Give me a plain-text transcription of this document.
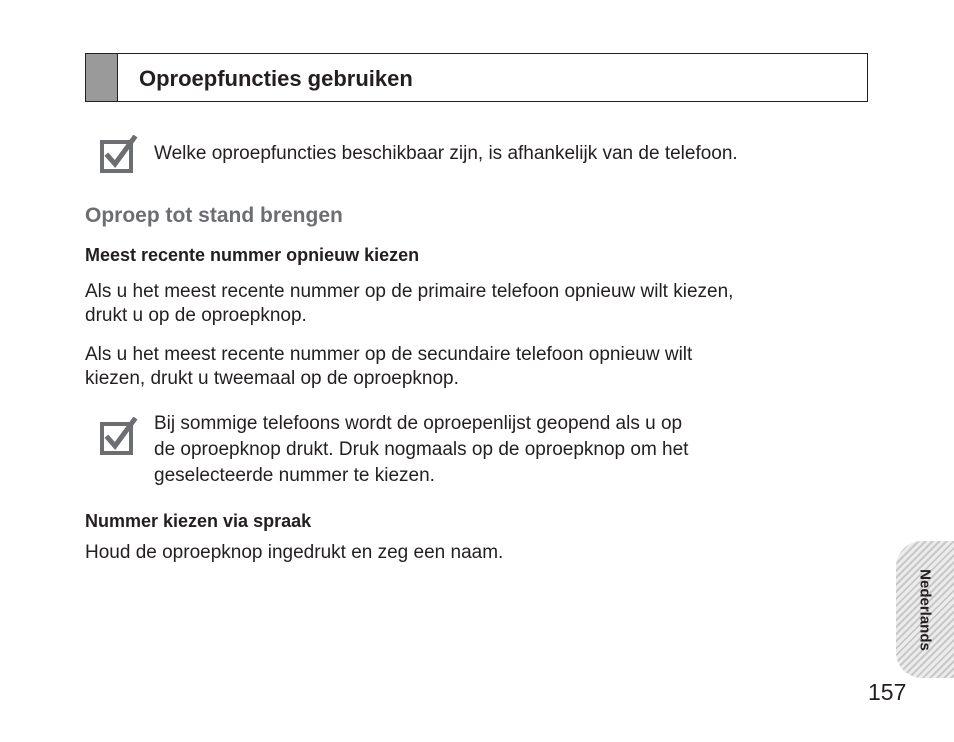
Oproepfuncties gebruiken
Welke oproepfuncties beschikbaar zijn, is afhankelijk van de telefoon.
Oproep tot stand brengen
Meest recente nummer opnieuw kiezen
Als u het meest recente nummer op de primaire telefoon opnieuw wilt kiezen,
drukt u op de oproepknop.
Als u het meest recente nummer op de secundaire telefoon opnieuw wilt
kiezen, drukt u tweemaal op de oproepknop.
Bij sommige telefoons wordt de oproepenlijst geopend als u op
de oproepknop drukt. Druk nogmaals op de oproepknop om het
geselecteerde nummer te kiezen.
Nummer kiezen via spraak
Houd de oproepknop ingedrukt en zeg een naam.
Nederlands
157
